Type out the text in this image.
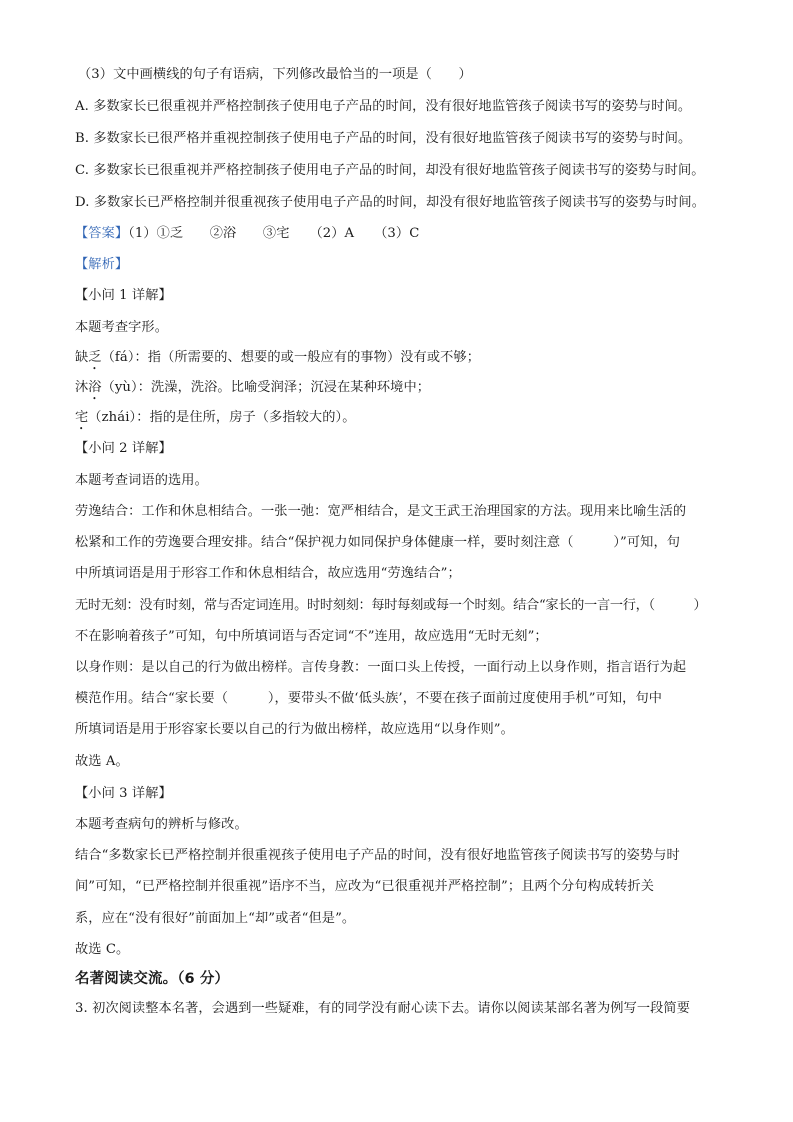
（3）文中画横线的句子有语病，下列修改最恰当的一项是（　　）
A. 多数家长已很重视并严格控制孩子使用电子产品的时间，没有很好地监管孩子阅读书写的姿势与时间。
B. 多数家长已很严格并重视控制孩子使用电子产品的时间，没有很好地监管孩子阅读书写的姿势与时间。
C. 多数家长已很重视并严格控制孩子使用电子产品的时间，却没有很好地监管孩子阅读书写的姿势与时间。
D. 多数家长已严格控制并很重视孩子使用电子产品的时间，却没有很好地监管孩子阅读书写的姿势与时间。
【答案】（1）①乏　　②浴　　③宅　　（2）A　　（3）C
【解析】
【小问 1 详解】
本题考查字形。
缺乏（fá）：指（所需要的、想要的或一般应有的事物）没有或不够；
沐浴（yù）：洗澡，洗浴。比喻受润泽；沉浸在某种环境中；
宅（zhái）：指的是住所，房子（多指较大的）。
【小问 2 详解】
本题考查词语的选用。
劳逸结合：工作和休息相结合。一张一弛：宽严相结合，是文王武王治理国家的方法。现用来比喻生活的
松紧和工作的劳逸要合理安排。结合“保护视力如同保护身体健康一样，要时刻注意（　　　）”可知，句
中所填词语是用于形容工作和休息相结合，故应选用“劳逸结合”；
无时无刻：没有时刻，常与否定词连用。时时刻刻：每时每刻或每一个时刻。结合“家长的一言一行，（　　　）
不在影响着孩子”可知，句中所填词语与否定词“不”连用，故应选用“无时无刻”；
以身作则：是以自己的行为做出榜样。言传身教：一面口头上传授，一面行动上以身作则，指言语行为起
模范作用。结合“家长要（　　　），要带头不做‘低头族’，不要在孩子面前过度使用手机”可知，句中
所填词语是用于形容家长要以自己的行为做出榜样，故应选用“以身作则”。
故选 A。
【小问 3 详解】
本题考查病句的辨析与修改。
结合“多数家长已严格控制并很重视孩子使用电子产品的时间，没有很好地监管孩子阅读书写的姿势与时
间”可知，“已严格控制并很重视”语序不当，应改为“已很重视并严格控制”；且两个分句构成转折关
系，应在“没有很好”前面加上“却”或者“但是”。
故选 C。
名著阅读交流。（6 分）
3. 初次阅读整本名著，会遇到一些疑难，有的同学没有耐心读下去。请你以阅读某部名著为例写一段简要
